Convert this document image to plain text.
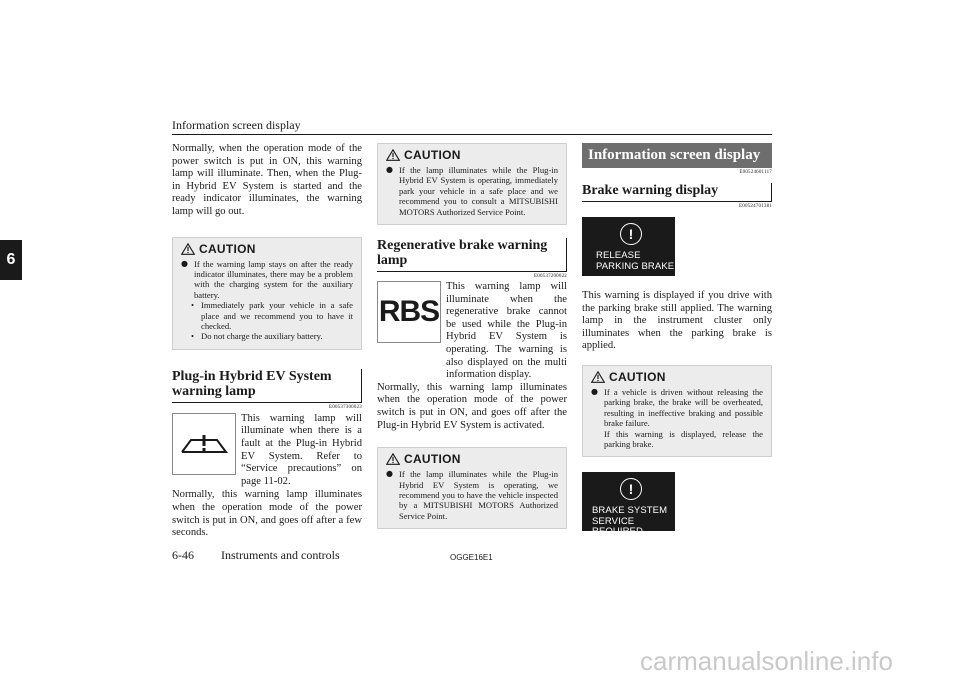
Information screen display
6

Normally, when the operation mode of the power switch is put in ON, this warning lamp will illuminate. Then, when the Plug-in Hybrid EV System is started and the ready indicator illuminates, the warning lamp will go out.

CAUTION
● If the warning lamp stays on after the ready indicator illuminates, there may be a problem with the charging system for the auxiliary battery.
• Immediately park your vehicle in a safe place and we recommend you to have it checked.
• Do not charge the auxiliary battery.
Plug-in Hybrid EV System warning lamp
E00537300023

This warning lamp will illuminate when there is a fault at the Plug-in Hybrid EV System. Refer to “Service precautions” on page 11-02.

Normally, this warning lamp illuminates when the operation mode of the power switch is put in ON, and goes off after a few seconds.

CAUTION
● If the lamp illuminates while the Plug-in Hybrid EV System is operating, immediately park your vehicle in a safe place and we recommend you to consult a MITSUBISHI MOTORS Authorized Service Point.
Regenerative brake warning lamp
E00537200022
RBS

This warning lamp will illuminate when the regenerative brake cannot be used while the Plug-in Hybrid EV System is operating. The warning is also displayed on the multi information display.

Normally, this warning lamp illuminates when the operation mode of the power switch is put in ON, and goes off after the Plug-in Hybrid EV System is activated.

CAUTION
● If the lamp illuminates while the Plug-in Hybrid EV System is operating, we recommend you to have the vehicle inspected by a MITSUBISHI MOTORS Authorized Service Point.
Information screen display
E00524601117
Brake warning display
E00524701381
!
RELEASE
PARKING BRAKE

This warning is displayed if you drive with the parking brake still applied. The warning lamp in the instrument cluster only illuminates when the parking brake is applied.

CAUTION
● If a vehicle is driven without releasing the parking brake, the brake will be overheated, resulting in ineffective braking and possible brake failure.
If this warning is displayed, release the parking brake.
!
BRAKE SYSTEM
SERVICE REQUIRED
6-46 Instruments and controls	OGGE16E1
carmanualsonline.info
